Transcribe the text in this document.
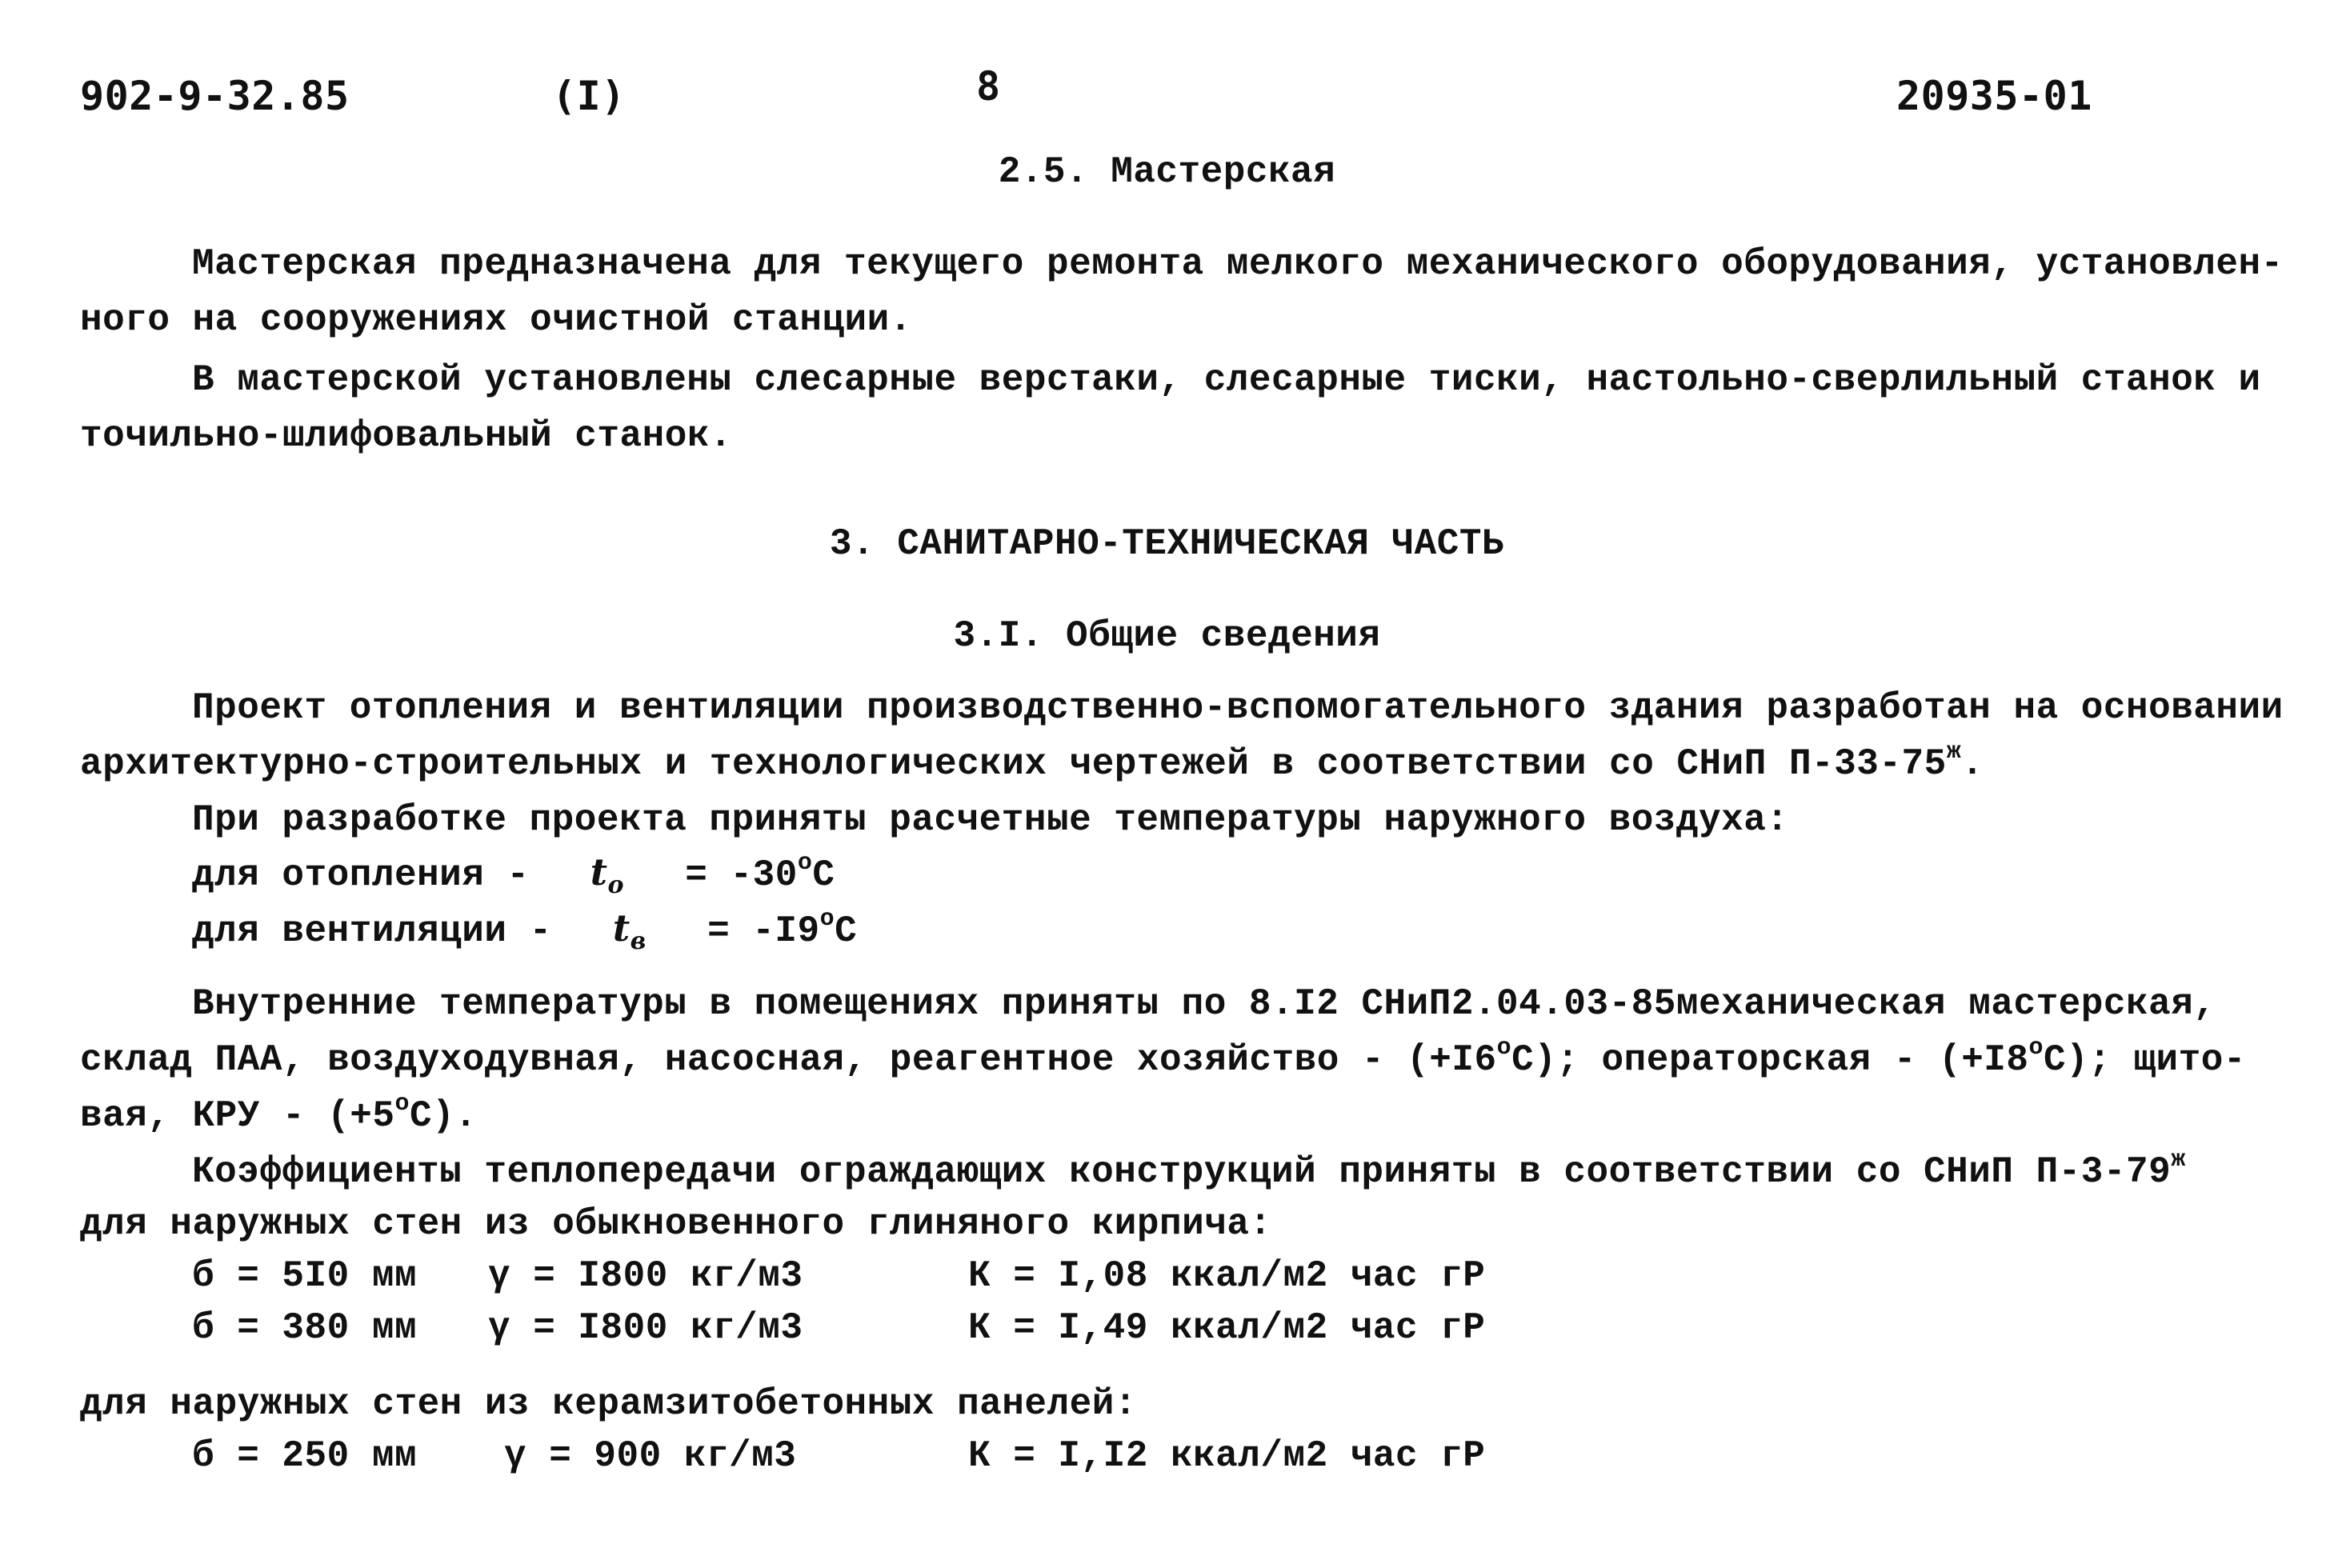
902-9-32.85	(I)	8	20935-01
2.5. Мастерская
Мастерская предназначена для текущего ремонта мелкого механического оборудования, установлен-
ного на сооружениях очистной станции.
В мастерской установлены слесарные верстаки, слесарные тиски, настольно-сверлильный станок и
точильно-шлифовальный станок.
3. САНИТАРНО-ТЕХНИЧЕСКАЯ ЧАСТЬ
3.I. Общие сведения
Проект отопления и вентиляции производственно-вспомогательного здания разработан на основании
архитектурно-строительных и технологических чертежей в соответствии со СНиП $П-33-75^ж$.
При разработке проекта приняты расчетные температуры наружного воздуха:
для отопления - $t_o = -30^oC$
для вентиляции - $t_в = -I9^oC$
Внутренние температуры в помещениях приняты по 8.I2 СНиП2.04.03-85механическая мастерская,
склад ПАА, воздуходувная, насосная, реагентное хозяйство - $(+I6^oC)$; операторская - $(+I8^oC)$; щито-
вая, КРУ - $(+5^oC)$.
Коэффициенты теплопередачи ограждающих конструкций приняты в соответствии со СНиП $П-3-79^ж$
для наружных стен из обыкновенного глиняного кирпича:
б = 5I0 мм γ = I800 кг/м3	К = I,08 ккал/м2 час гР
б = 380 мм γ = I800 кг/м3	К = I,49 ккал/м2 час гР
для наружных стен из керамзитобетонных панелей:
б = 250 мм γ = 900 кг/м3	К = I,I2 ккал/м2 час гР
